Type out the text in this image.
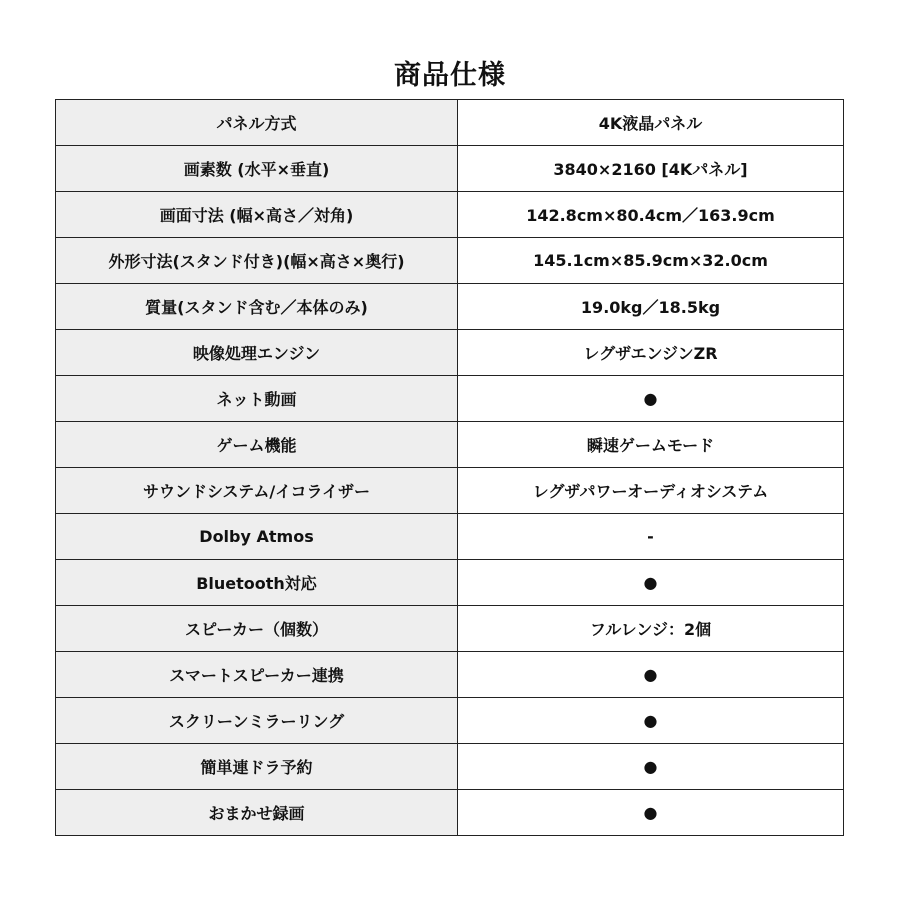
商品仕様
パネル方式	4K液晶パネル
画素数 (水平×垂直)	3840×2160 [4Kパネル]
画面寸法 (幅×高さ／対角)	142.8cm×80.4cm／163.9cm
外形寸法(スタンド付き)(幅×高さ×奥行)	145.1cm×85.9cm×32.0cm
質量(スタンド含む／本体のみ)	19.0kg／18.5kg
映像処理エンジン	レグザエンジンZR
ネット動画	●
ゲーム機能	瞬速ゲームモード
サウンドシステム/イコライザー	レグザパワーオーディオシステム
Dolby Atmos	-
Bluetooth対応	●
スピーカー（個数）	フルレンジ：2個
スマートスピーカー連携	●
スクリーンミラーリング	●
簡単連ドラ予約	●
おまかせ録画	●
